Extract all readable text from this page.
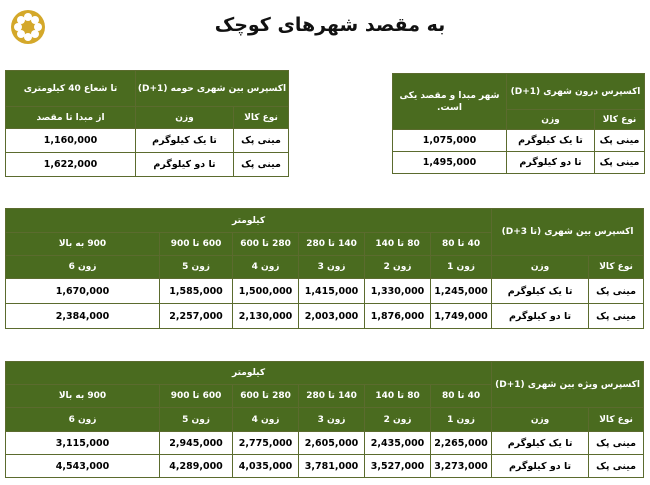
به مقصد شهرهای کوچک
اکسپرس بین شهری حومه (D+1)		تا شعاع 40 کیلومتری
نوع کالا	وزن	از مبدا تا مقصد
مینی پک	تا یک کیلوگرم	1,160,000
مینی پک	تا دو کیلوگرم	1,622,000
اکسپرس درون شهری (D+1)		شهر مبدا و مقصد یکی است.
نوع کالا	وزن	
مینی پک	تا یک کیلوگرم	1,075,000
مینی پک	تا دو کیلوگرم	1,495,000
اکسپرس بین شهری (تا D+3)		کیلومتر					
		40 تا 80	80 تا 140	140 تا 280	280 تا 600	600 تا 900	900 به بالا
نوع کالا	وزن	زون 1	زون 2	زون 3	زون 4	زون 5	زون 6
مینی پک	تا یک کیلوگرم	1,245,000	1,330,000	1,415,000	1,500,000	1,585,000	1,670,000
مینی پک	تا دو کیلوگرم	1,749,000	1,876,000	2,003,000	2,130,000	2,257,000	2,384,000
اکسپرس ویژه بین شهری (D+1)		کیلومتر					
		40 تا 80	80 تا 140	140 تا 280	280 تا 600	600 تا 900	900 به بالا
نوع کالا	وزن	زون 1	زون 2	زون 3	زون 4	زون 5	زون 6
مینی پک	تا یک کیلوگرم	2,265,000	2,435,000	2,605,000	2,775,000	2,945,000	3,115,000
مینی پک	تا دو کیلوگرم	3,273,000	3,527,000	3,781,000	4,035,000	4,289,000	4,543,000
